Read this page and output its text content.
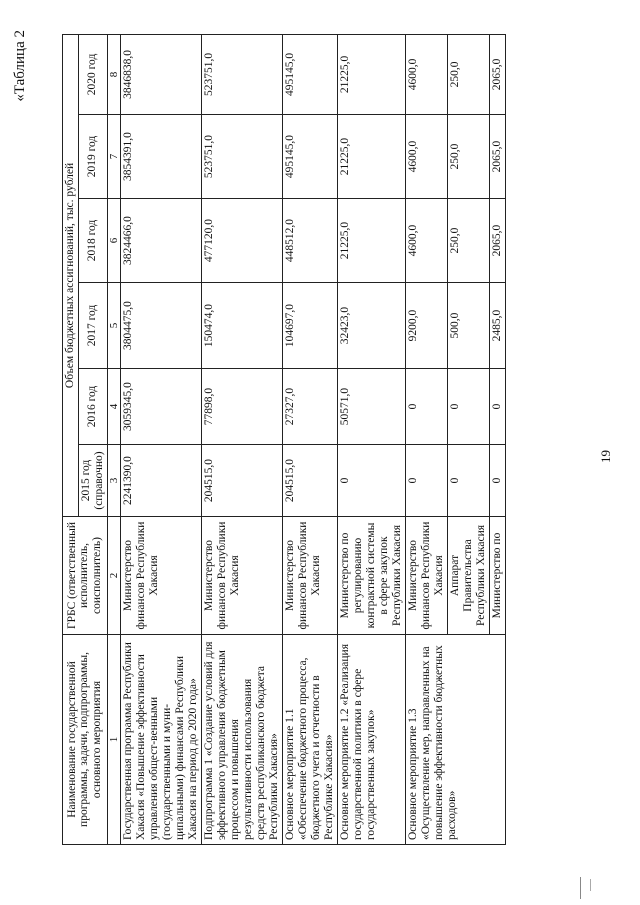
«Таблица 2
Наименование государственной программы, задачи, подпрограммы, основного мероприятия	ГРБС (ответственный исполнитель, соисполнитель)	Объем бюджетных ассигнований, тыс. рублей					
		2015 год (справочно)	2016 год	2017 год	2018 год	2019 год	2020 год
1	2	3	4	5	6	7	8
Государственная программа Республики Хакасия «Повышение эффективности управления общест-венными (государственными и муни-ципальными) финансами Республики Хакасия на период до 2020 года»	Министерство финансов Республики Хакасия	2241390,0	3059345,0	3804475,0	3824466,0	3854391,0	3846838,0
Подпрограмма 1 «Создание условий для эффективного управления бюджетным процессом и повышения результативности использования средств республиканского бюджета Республики Хакасия»	Министерство финансов Республики Хакасия	204515,0	77898,0	150474,0	477120,0	523751,0	523751,0
Основное мероприятие 1.1 «Обеспечение бюджетного процесса, бюджетного учета и отчетности в Республике Хакасия»	Министерство финансов Республики Хакасия	204515,0	27327,0	104697,0	448512,0	495145,0	495145,0
Основное мероприятие 1.2 «Реализация государственной политики в сфере государственных закупок»	Министерство по регулированию контрактной системы в сфере закупок Республики Хакасия	0	50571,0	32423,0	21225,0	21225,0	21225,0
Основное мероприятие 1.3 «Осуществление мер, направленных на повышение эффективности бюджетных расходов»	Министерство финансов Республики Хакасия	0	0	9200,0	4600,0	4600,0	4600,0
	Аппарат Правительства Республики Хакасия	0	0	500,0	250,0	250,0	250,0
	Министерство по	0	0	2485,0	2065,0	2065,0	2065,0
19
